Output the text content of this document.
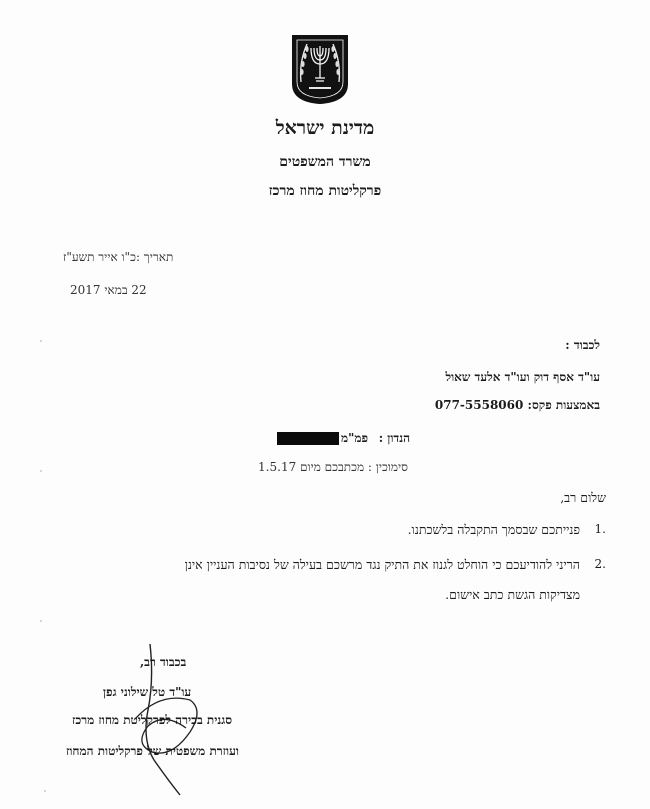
מדינת ישראל
משרד המשפטים
פרקליטות מחוז מרכז
תאריך :כ"ו אייר תשע"ז
22 במאי 2017
לכבוד :
עו"ד אסף דוק ועו"ד אלעד שאול
באמצעות פקס: 077-5558060
הנדון :
פמ"מ
סימוכין : מכתבכם מיום 1.5.17
שלום רב,
1.
פנייתכם שבסמך התקבלה בלשכתנו.
2.
הריני להודיעכם כי הוחלט לגנוז את התיק נגד מרשכם בעילה של נסיבות העניין אינן
מצדיקות הגשת כתב אישום.
בכבוד רב,
עו"ד טל שילוני גפן
סגנית בכירה לפרקליטת מחוז מרכז
ועוזרת משפטית של פרקליטות המחוז
